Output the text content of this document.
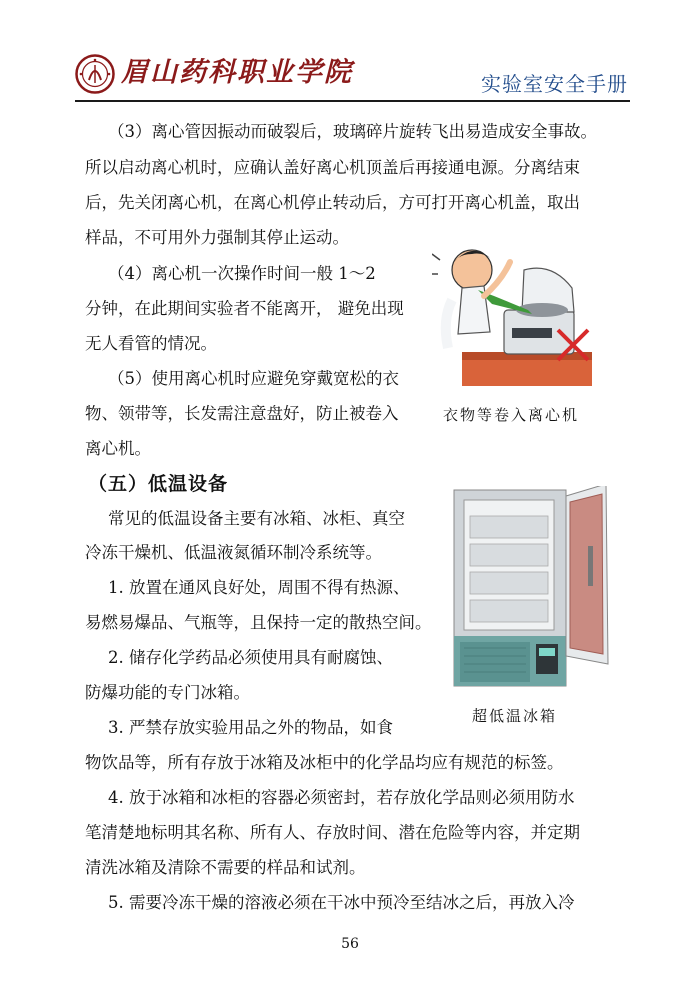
眉山药科职业学院	实验室安全手册
（3）离心管因振动而破裂后，玻璃碎片旋转飞出易造成安全事故。
所以启动离心机时，应确认盖好离心机顶盖后再接通电源。分离结束
后，先关闭离心机，在离心机停止转动后，方可打开离心机盖，取出
样品，不可用外力强制其停止运动。
（4）离心机一次操作时间一般 1～2
分钟，在此期间实验者不能离开， 避免出现
无人看管的情况。
（5）使用离心机时应避免穿戴宽松的衣
物、领带等，长发需注意盘好，防止被卷入
离心机。
衣物等卷入离心机
（五）低温设备
常见的低温设备主要有冰箱、冰柜、真空
冷冻干燥机、低温液氮循环制冷系统等。
1. 放置在通风良好处，周围不得有热源、
易燃易爆品、气瓶等，且保持一定的散热空间。
2. 储存化学药品必须使用具有耐腐蚀、
防爆功能的专门冰箱。
3. 严禁存放实验用品之外的物品，如食
物饮品等，所有存放于冰箱及冰柜中的化学品均应有规范的标签。
4. 放于冰箱和冰柜的容器必须密封，若存放化学品则必须用防水
笔清楚地标明其名称、所有人、存放时间、潜在危险等内容，并定期
清洗冰箱及清除不需要的样品和试剂。
5. 需要冷冻干燥的溶液必须在干冰中预冷至结冰之后，再放入冷
超低温冰箱
56
